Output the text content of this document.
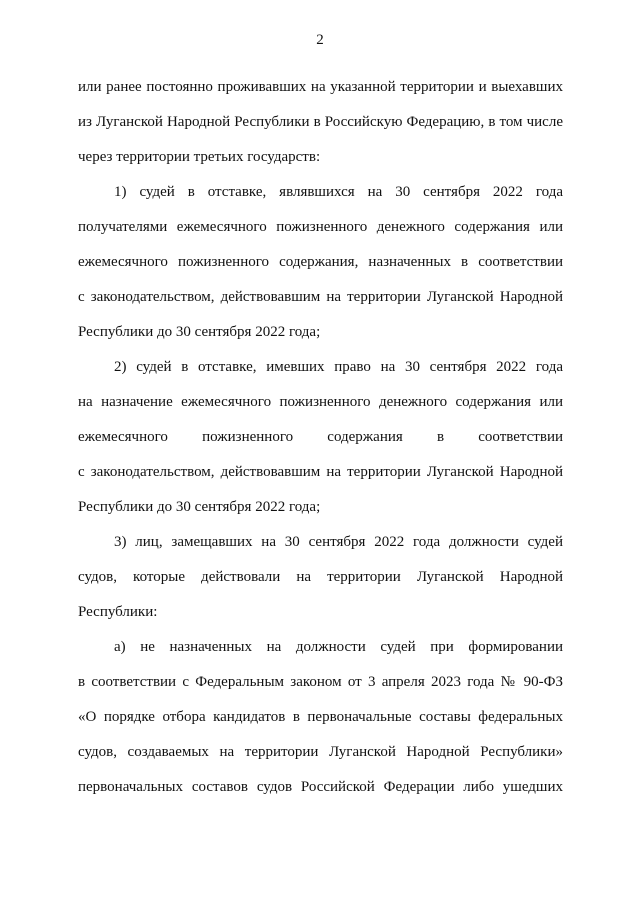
2
или ранее постоянно проживавших на указанной территории и выехавших
из Луганской Народной Республики в Российскую Федерацию, в том числе
через территории третьих государств:
1) судей в отставке, являвшихся на 30 сентября 2022 года
получателями ежемесячного пожизненного денежного содержания или
ежемесячного пожизненного содержания, назначенных в соответствии
с законодательством, действовавшим на территории Луганской Народной
Республики до 30 сентября 2022 года;
2) судей в отставке, имевших право на 30 сентября 2022 года
на назначение ежемесячного пожизненного денежного содержания или
ежемесячного пожизненного содержания в соответствии
с законодательством, действовавшим на территории Луганской Народной
Республики до 30 сентября 2022 года;
3) лиц, замещавших на 30 сентября 2022 года должности судей
судов, которые действовали на территории Луганской Народной
Республики:
а) не назначенных на должности судей при формировании
в соответствии с Федеральным законом от 3 апреля 2023 года № 90-ФЗ
«О порядке отбора кандидатов в первоначальные составы федеральных
судов, создаваемых на территории Луганской Народной Республики»
первоначальных составов судов Российской Федерации либо ушедших
